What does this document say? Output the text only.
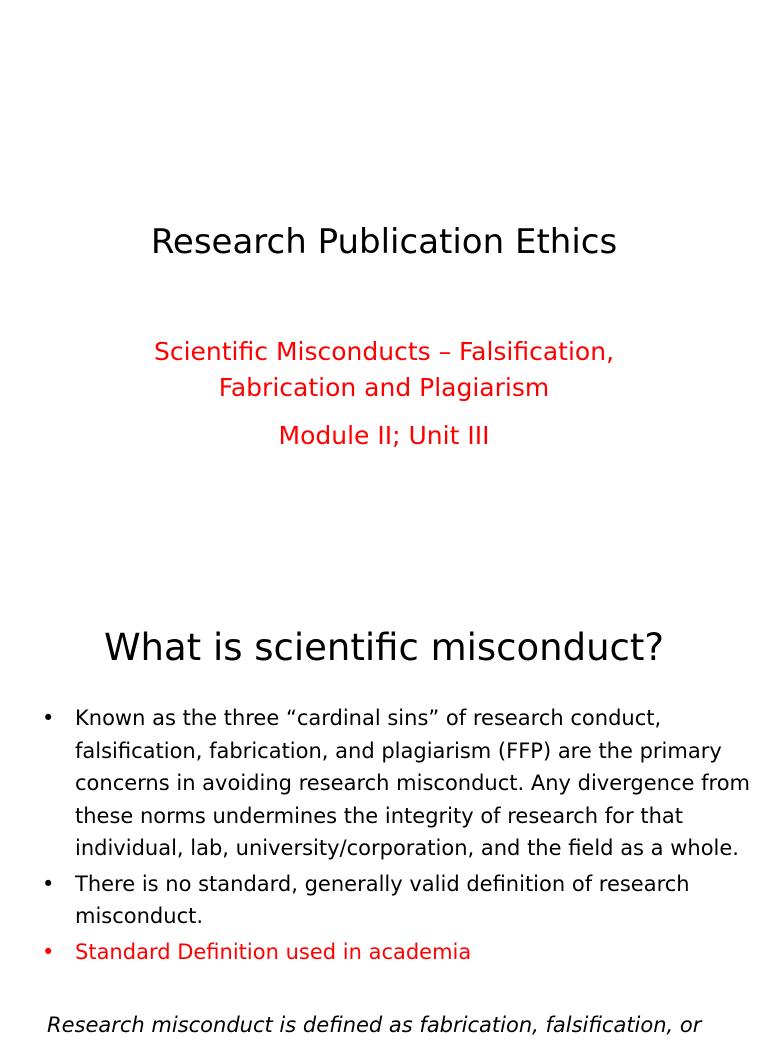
Research Publication Ethics
Scientific Misconducts – Falsification,
Fabrication and Plagiarism
Module II; Unit III
What is scientific misconduct?
• Known as the three “cardinal sins” of research conduct, falsification, fabrication, and plagiarism (FFP) are the primary concerns in avoiding research misconduct. Any divergence from these norms undermines the integrity of research for that individual, lab, university/corporation, and the field as a whole.
• There is no standard, generally valid definition of research misconduct.
• Standard Definition used in academia
Research misconduct is defined as fabrication, falsification, or
